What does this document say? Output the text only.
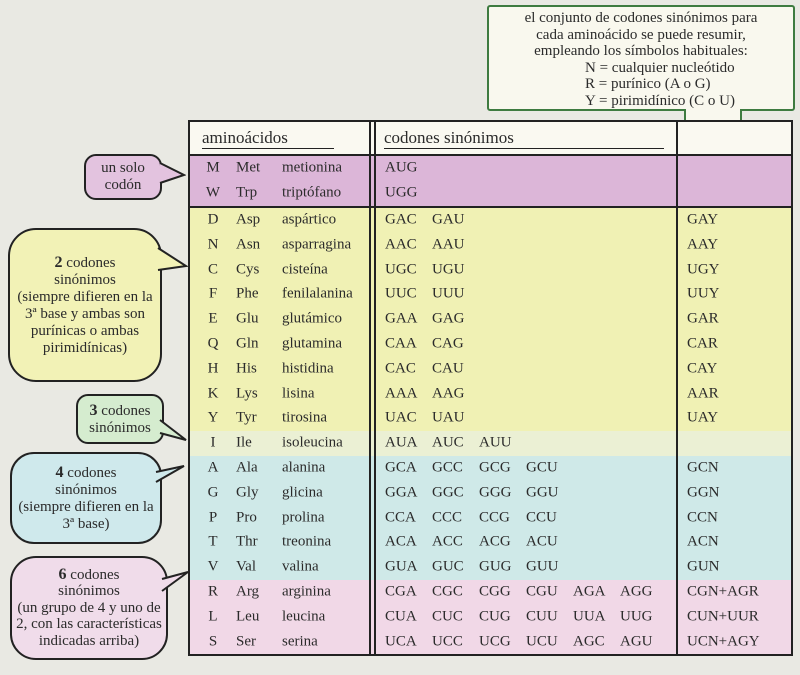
el conjunto de codones sinónimos para
cada aminoácido se puede resumir,
empleando los símbolos habituales:
N = cualquier nucleótido
R = purínico (A o G)
Y = pirimidínico (C o U)
aminoácidos	codones sinónimos
M Met metionina	AUG
W Trp triptófano	UGG
D	Asp aspártico	GAC GAU	GAY
N	Asn asparragina AAC AAU	AAY
C	Cys cisteína	UGC UGU	UGY
F	Phe fenilalanina UUC UUU	UUY
E	Glu glutámico	GAA GAG	GAR
Q	Gln glutamina	CAA CAG	CAR
H	His histidina	CAC CAU	CAY
K	Lys lisina	AAA AAG	AAR
Y	Tyr tirosina	UAC UAU	UAY
I	Ile isoleucina	AUA AUC AUU
A	Ala alanina	GCA GCC GCG GCU	GCN
G	Gly glicina	GGA GGC GGG GGU	GGN
P	Pro prolina	CCA CCC CCG CCU	CCN
T	Thr treonina	ACA ACC ACG ACU	ACN
V	Val valina	GUA GUC GUG GUU	GUN
R	Arg arginina	CGA CGC CGG CGU AGA AGG	CGN+AGR
L	Leu leucina	CUA CUC CUG CUU UUA UUG	CUN+UUR
S	Ser serina	UCA UCC UCG UCU AGC AGU	UCN+AGY
un solo
codón
2 codones
sinónimos
(siempre difieren en la 3ª base y ambas son purínicas o ambas pirimidínicas)
3 codones
sinónimos
4 codones
sinónimos
(siempre difieren en la 3ª base)
6 codones
sinónimos
(un grupo de 4 y uno de 2, con las características indicadas arriba)
